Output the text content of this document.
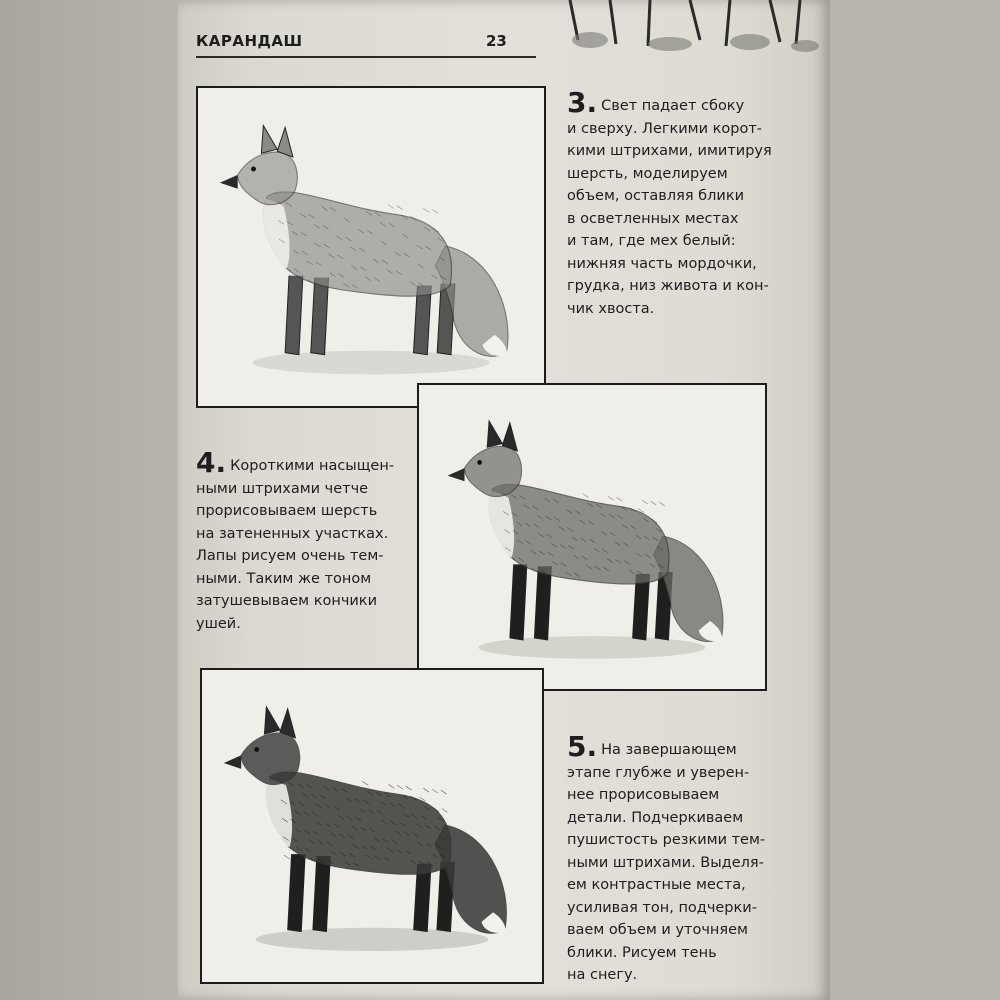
КАРАНДАШ	23
3. Свет падает сбоку
и сверху. Легкими корот-
кими штрихами, имитируя
шерсть, моделируем
объем, оставляя блики
в осветленных местах
и там, где мех белый:
нижняя часть мордочки,
грудка, низ живота и кон-
чик хвоста.
4. Короткими насыщен-
ными штрихами четче
прорисовываем шерсть
на затененных участках.
Лапы рисуем очень тем-
ными. Таким же тоном
затушевываем кончики
ушей.
5. На завершающем
этапе глубже и уверен-
нее прорисовываем
детали. Подчеркиваем
пушистость резкими тем-
ными штрихами. Выделя-
ем контрастные места,
усиливая тон, подчерки-
ваем объем и уточняем
блики. Рисуем тень
на снегу.
